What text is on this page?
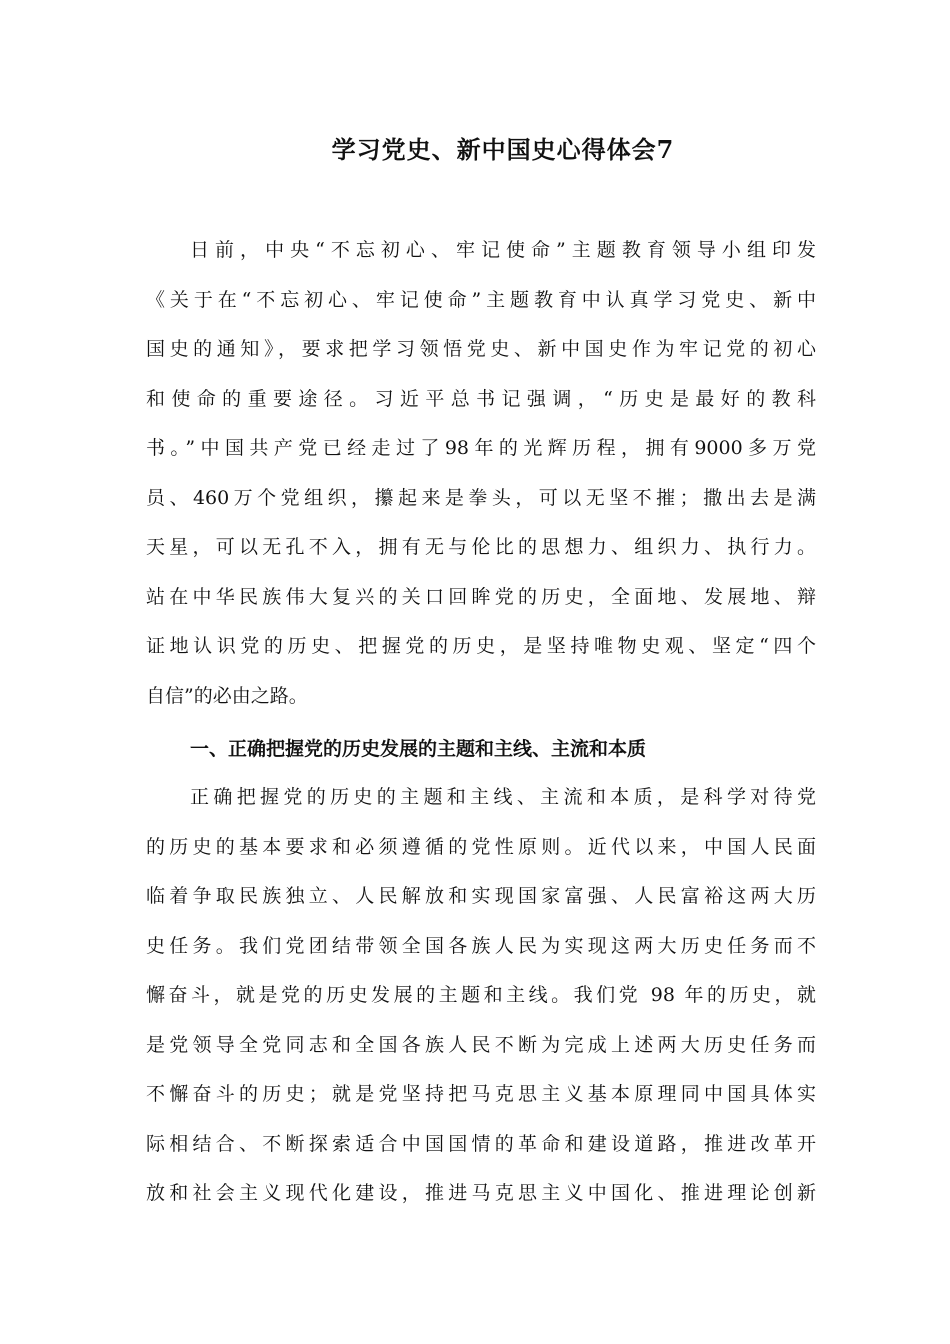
学习党史、新中国史心得体会7
日前，中央“不忘初心、牢记使命”主题教育领导小组印发
《关于在“不忘初心、牢记使命”主题教育中认真学习党史、新中
国史的通知》，要求把学习领悟党史、新中国史作为牢记党的初心
和使命的重要途径。习近平总书记强调，“历史是最好的教科
书。”中国共产党已经走过了98年的光辉历程，拥有9000多万党
员、460万个党组织，攥起来是拳头，可以无坚不摧；撒出去是满
天星，可以无孔不入，拥有无与伦比的思想力、组织力、执行力。
站在中华民族伟大复兴的关口回眸党的历史，全面地、发展地、辩
证地认识党的历史、把握党的历史，是坚持唯物史观、坚定“四个
自信”的必由之路。
一、正确把握党的历史发展的主题和主线、主流和本质
正确把握党的历史的主题和主线、主流和本质，是科学对待党
的历史的基本要求和必须遵循的党性原则。近代以来，中国人民面
临着争取民族独立、人民解放和实现国家富强、人民富裕这两大历
史任务。我们党团结带领全国各族人民为实现这两大历史任务而不
懈奋斗，就是党的历史发展的主题和主线。我们党 98 年的历史，就
是党领导全党同志和全国各族人民不断为完成上述两大历史任务而
不懈奋斗的历史；就是党坚持把马克思主义基本原理同中国具体实
际相结合、不断探索适合中国国情的革命和建设道路，推进改革开
放和社会主义现代化建设，推进马克思主义中国化、推进理论创新
